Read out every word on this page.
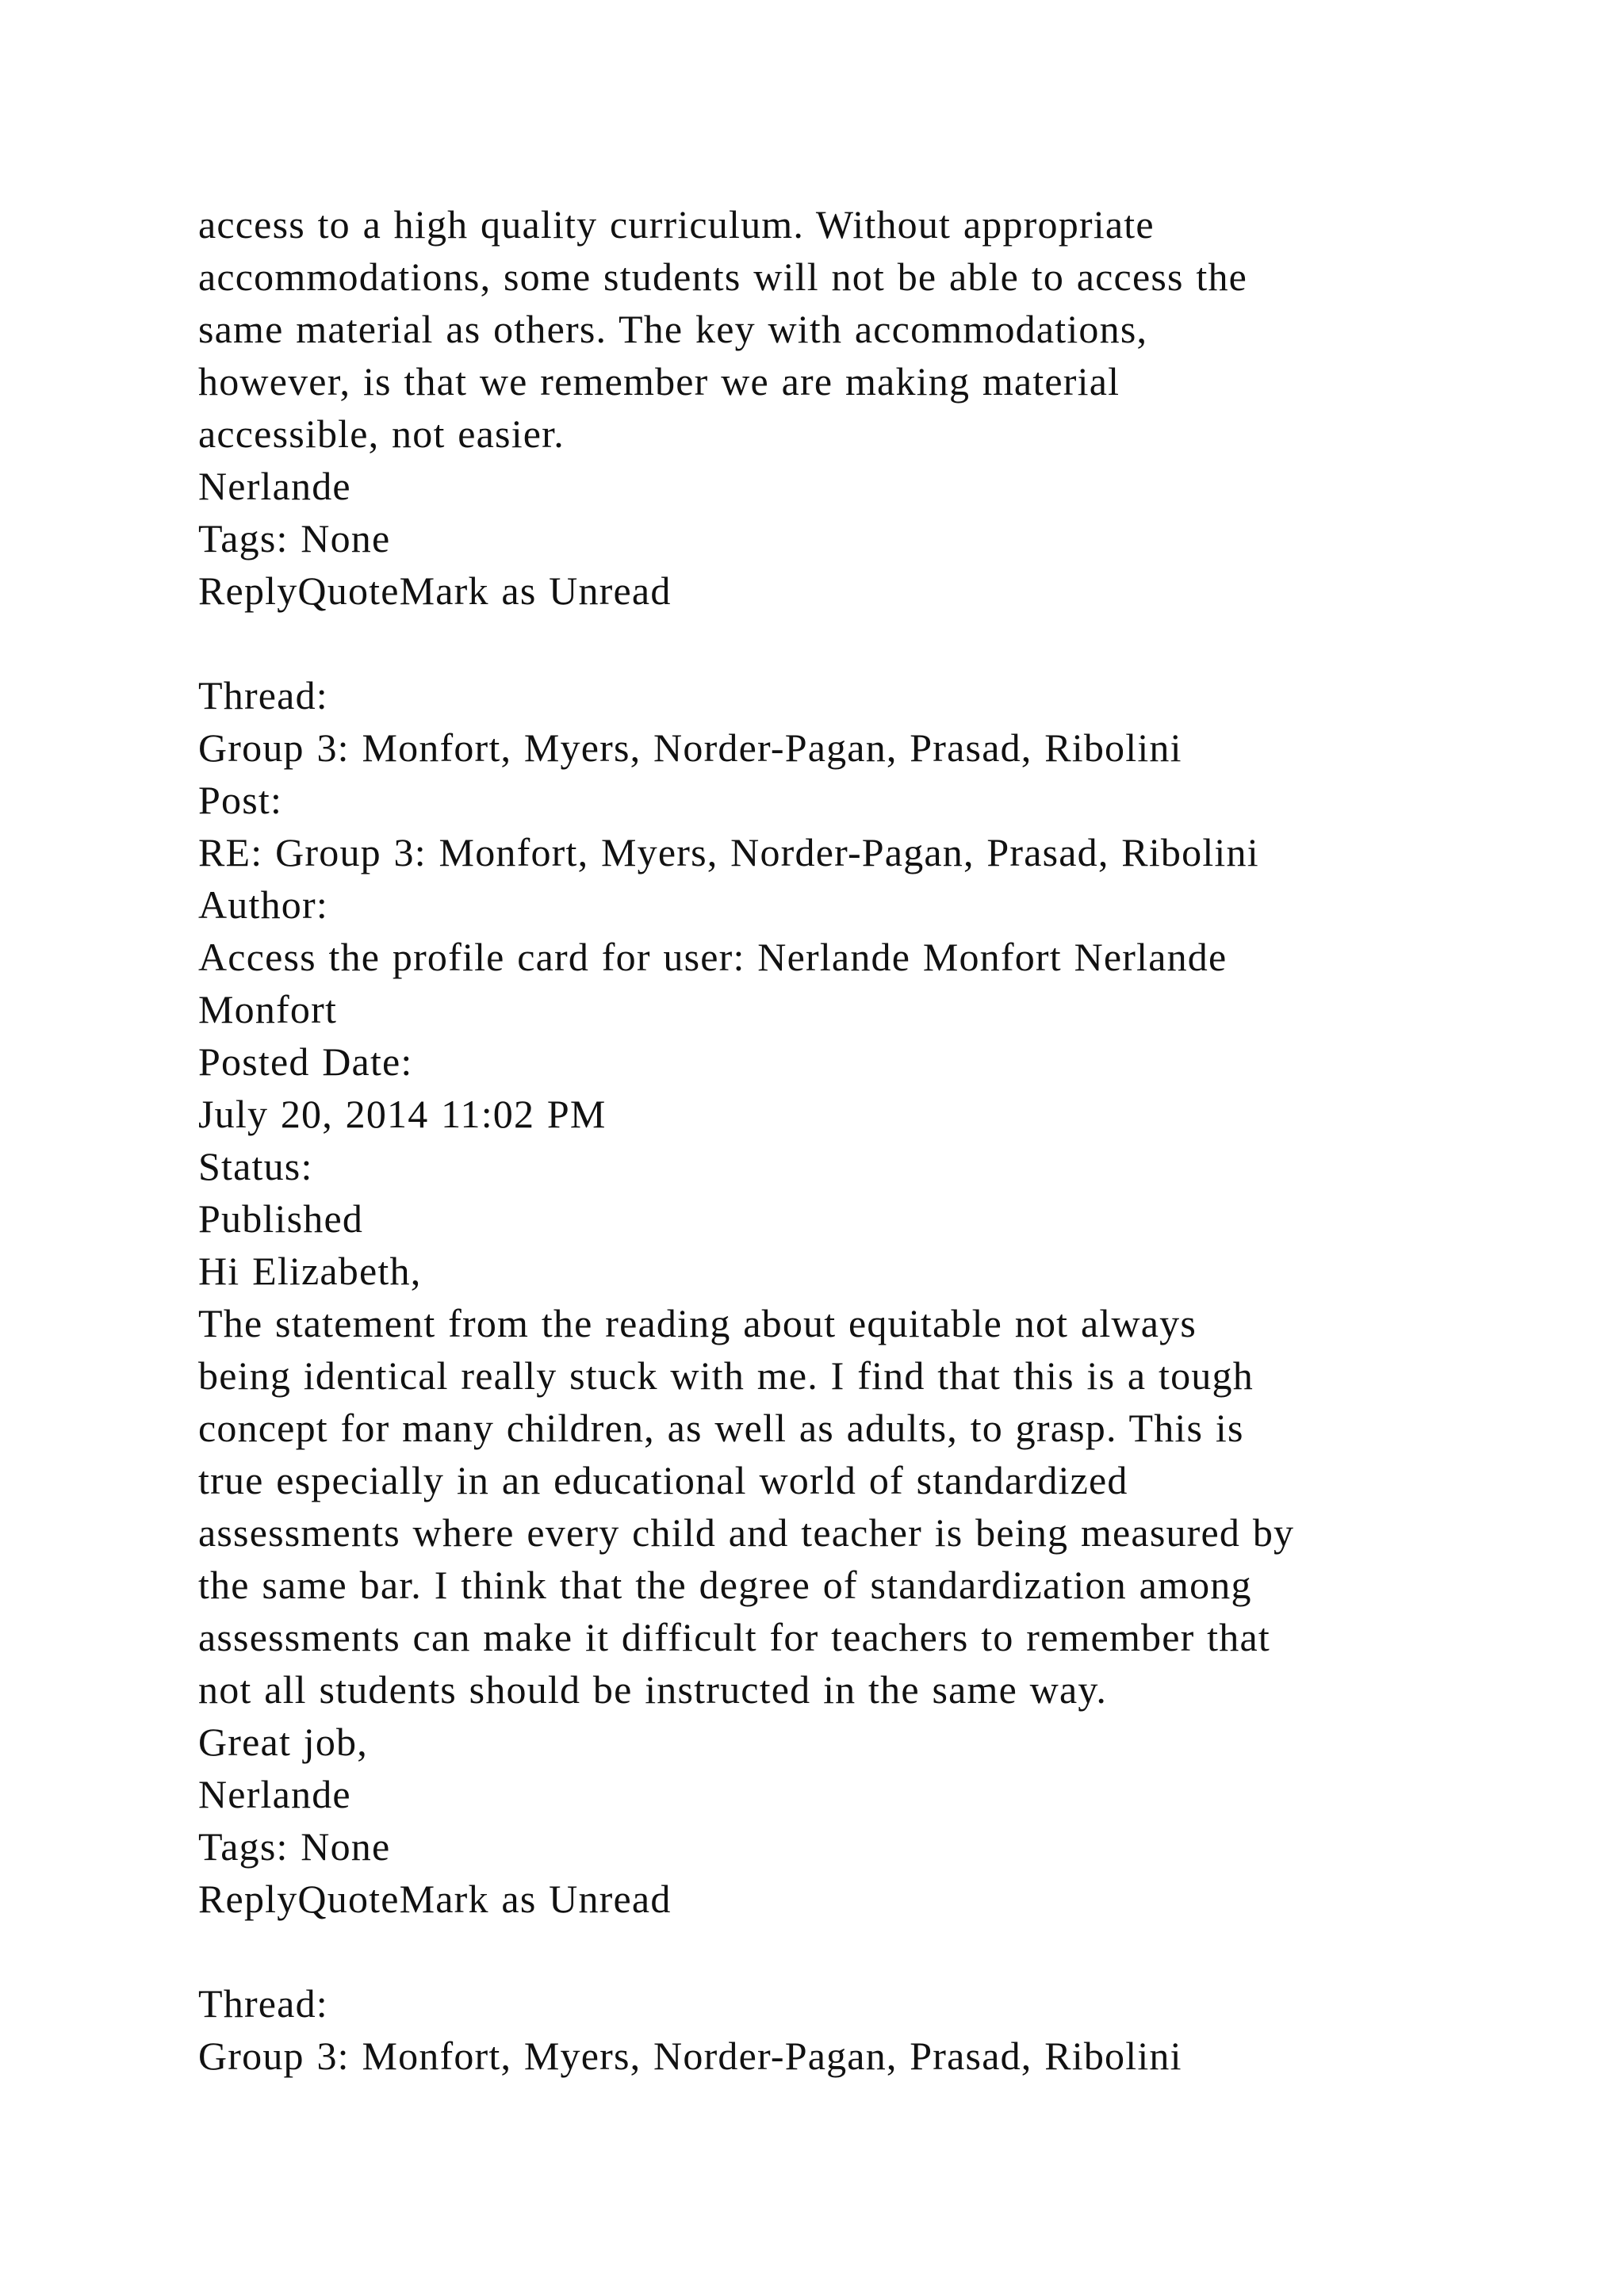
access to a high quality curriculum. Without appropriate
accommodations, some students will not be able to access the
same material as others. The key with accommodations,
however, is that we remember we are making material
accessible, not easier.
Nerlande
Tags: None
ReplyQuoteMark as Unread
Thread:
Group 3: Monfort, Myers, Norder-Pagan, Prasad, Ribolini
Post:
RE: Group 3: Monfort, Myers, Norder-Pagan, Prasad, Ribolini
Author:
Access the profile card for user: Nerlande Monfort Nerlande
Monfort
Posted Date:
July 20, 2014 11:02 PM
Status:
Published
Hi Elizabeth,
The statement from the reading about equitable not always
being identical really stuck with me. I find that this is a tough
concept for many children, as well as adults, to grasp. This is
true especially in an educational world of standardized
assessments where every child and teacher is being measured by
the same bar. I think that the degree of standardization among
assessments can make it difficult for teachers to remember that
not all students should be instructed in the same way.
Great job,
Nerlande
Tags: None
ReplyQuoteMark as Unread
Thread:
Group 3: Monfort, Myers, Norder-Pagan, Prasad, Ribolini
